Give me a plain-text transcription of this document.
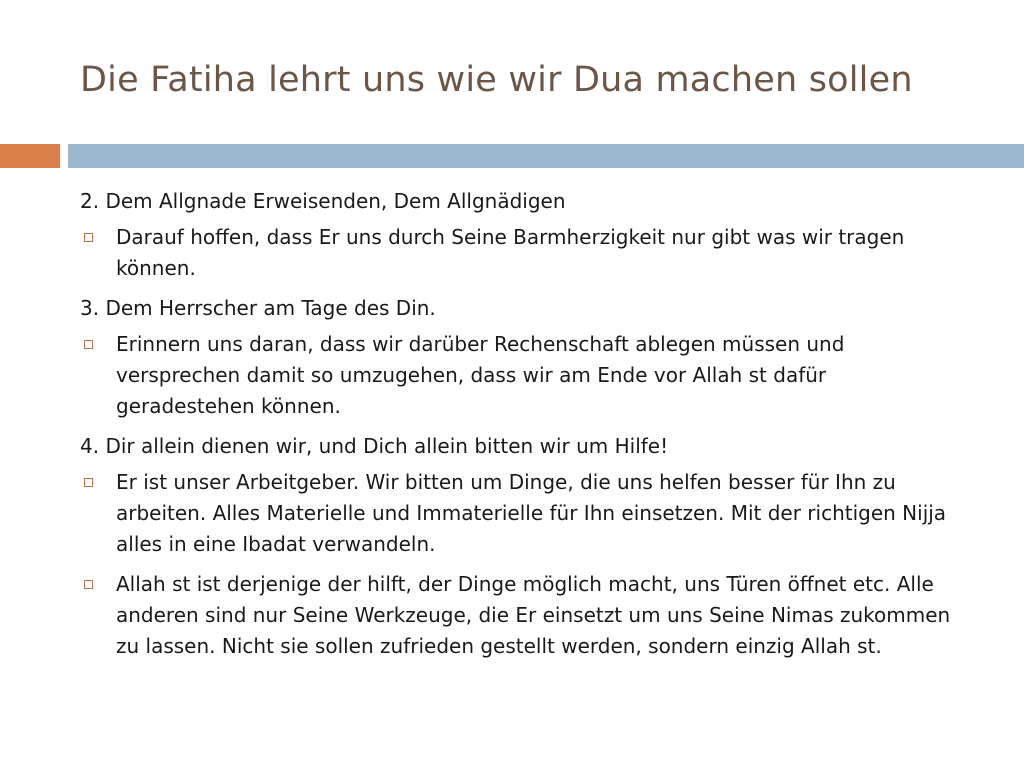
Die Fatiha lehrt uns wie wir Dua machen sollen
2. Dem Allgnade Erweisenden, Dem Allgnädigen
Darauf hoffen, dass Er uns durch Seine Barmherzigkeit nur gibt was wir tragen können.
3. Dem Herrscher am Tage des Din.
Erinnern uns daran, dass wir darüber Rechenschaft ablegen müssen und versprechen damit so umzugehen, dass wir am Ende vor Allah st dafür geradestehen können.
4. Dir allein dienen wir, und Dich allein bitten wir um Hilfe!
Er ist unser Arbeitgeber. Wir bitten um Dinge, die uns helfen besser für Ihn zu arbeiten. Alles Materielle und Immaterielle für Ihn einsetzen. Mit der richtigen Nijja alles in eine Ibadat verwandeln.
Allah st ist derjenige der hilft, der Dinge möglich macht, uns Türen öffnet etc. Alle anderen sind nur Seine Werkzeuge, die Er einsetzt um uns Seine Nimas zukommen zu lassen. Nicht sie sollen zufrieden gestellt werden, sondern einzig Allah st.
